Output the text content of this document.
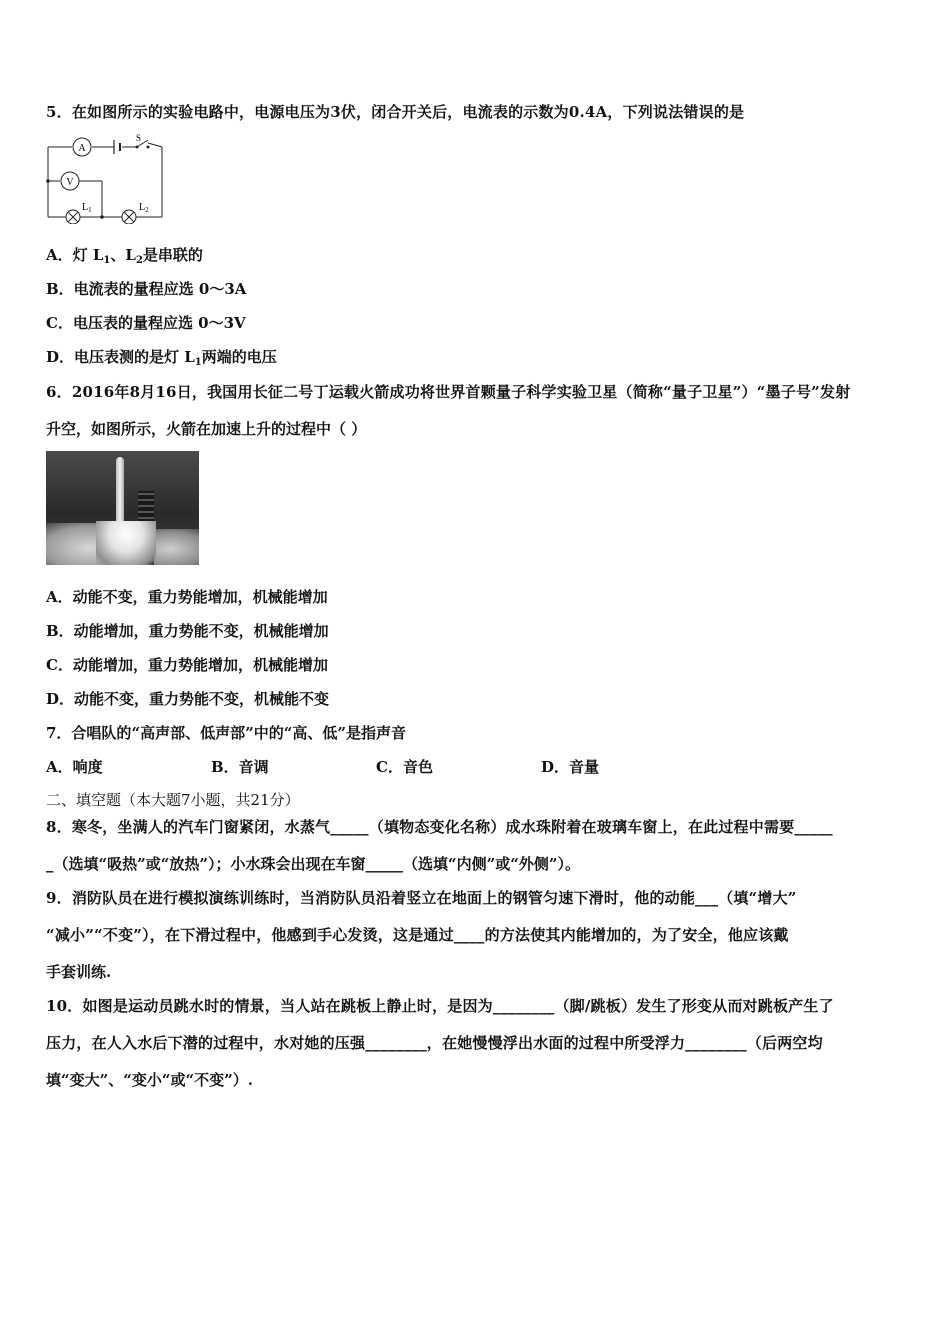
5．在如图所示的实验电路中，电源电压为3伏，闭合开关后，电流表的示数为0.4A，下列说法错误的是
A
S
V
$L_1$	$L_2$
A．灯 $L_1$、$L_2$是串联的
B．电流表的量程应选 0～3A
C．电压表的量程应选 0～3V
D．电压表测的是灯 $L_1$两端的电压
6．2016年8月16日，我国用长征二号丁运载火箭成功将世界首颗量子科学实验卫星（简称“量子卫星”）“墨子号”发射
升空，如图所示，火箭在加速上升的过程中（ ）
A．动能不变，重力势能增加，机械能增加
B．动能增加，重力势能不变，机械能增加
C．动能增加，重力势能增加，机械能增加
D．动能不变，重力势能不变，机械能不变
7．合唱队的“高声部、低声部”中的“高、低”是指声音
A．响度	B．音调	C．音色	D．音量
二、填空题（本大题7小题，共21分）
8．寒冬，坐满人的汽车门窗紧闭，水蒸气_____（填物态变化名称）成水珠附着在玻璃车窗上，在此过程中需要_____
_（选填“吸热”或“放热”）；小水珠会出现在车窗_____（选填“内侧”或“外侧”）。
9．消防队员在进行模拟演练训练时，当消防队员沿着竖立在地面上的钢管匀速下滑时，他的动能___（填“增大”
“减小”“不变”），在下滑过程中，他感到手心发烫，这是通过____的方法使其内能增加的，为了安全，他应该戴
手套训练.
10．如图是运动员跳水时的情景，当人站在跳板上静止时，是因为________（脚/跳板）发生了形变从而对跳板产生了
压力，在人入水后下潜的过程中，水对她的压强________，在她慢慢浮出水面的过程中所受浮力________（后两空均
填“变大”、“变小“或“不变”）.
